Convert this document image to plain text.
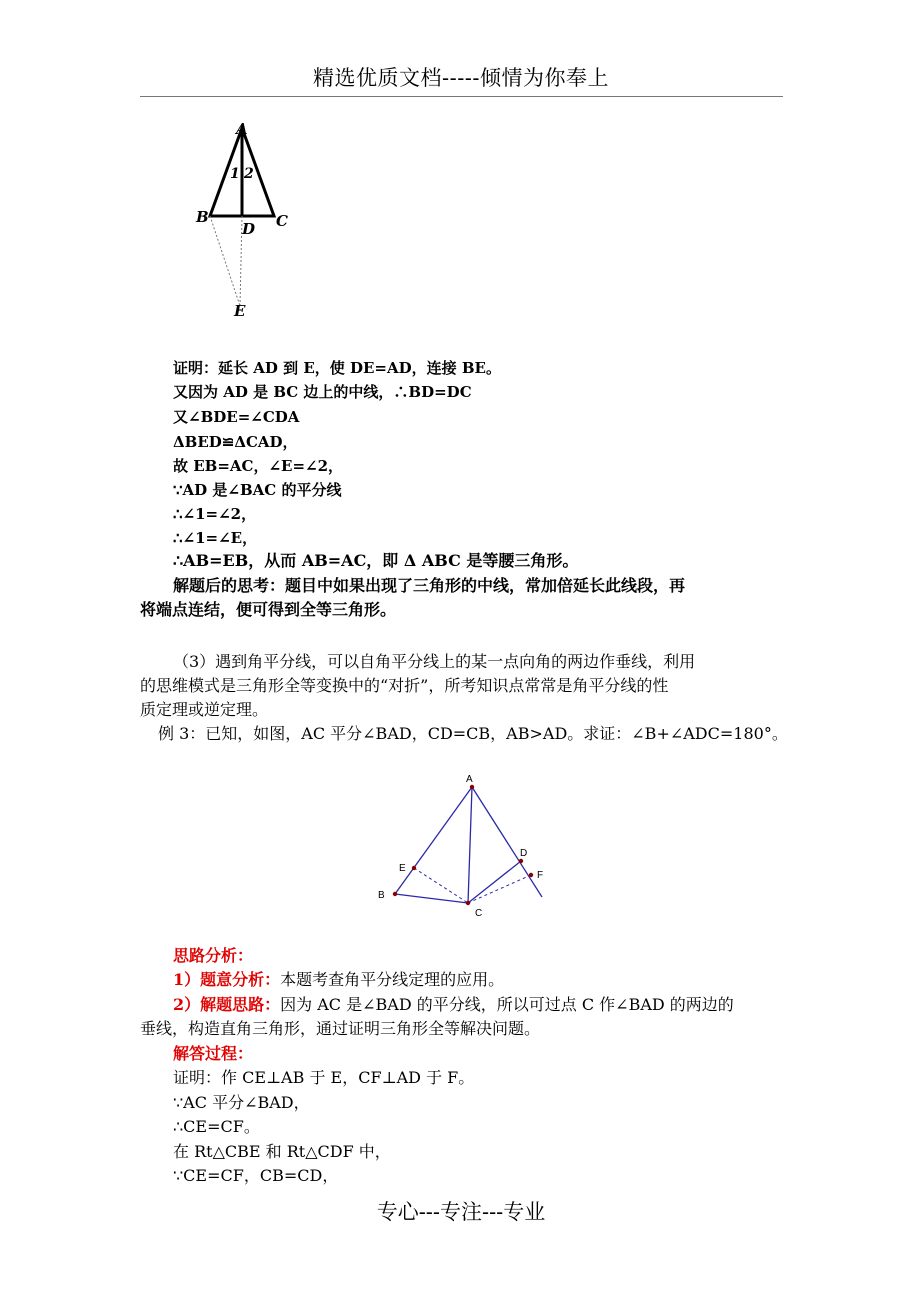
精选优质文档-----倾情为你奉上
A
1 2
B	C
D
E
证明：延长 AD 到 E，使 DE=AD，连接 BE。
又因为 AD 是 BC 边上的中线，∴BD=DC
又∠BDE=∠CDA
ΔBED≌ΔCAD，
故 EB=AC，∠E=∠2，
∵AD 是∠BAC 的平分线
∴∠1=∠2，
∴∠1=∠E，
∴AB=EB，从而 AB=AC，即 Δ ABC 是等腰三角形。
解题后的思考：题目中如果出现了三角形的中线，常加倍延长此线段，再
将端点连结，便可得到全等三角形。
（3）遇到角平分线，可以自角平分线上的某一点向角的两边作垂线，利用
的思维模式是三角形全等变换中的“对折”，所考知识点常常是角平分线的性
质定理或逆定理。
例 3：已知，如图，AC 平分∠BAD，CD=CB，AB>AD。求证：∠B+∠ADC=180°。
A
B
C
D
E
F
思路分析：
1）题意分析：本题考查角平分线定理的应用。
2）解题思路：因为 AC 是∠BAD 的平分线，所以可过点 C 作∠BAD 的两边的
垂线，构造直角三角形，通过证明三角形全等解决问题。
解答过程：
证明：作 CE⊥AB 于 E，CF⊥AD 于 F。
∵AC 平分∠BAD，
∴CE=CF。
在 Rt△CBE 和 Rt△CDF 中，
∵CE=CF，CB=CD，
专心---专注---专业
